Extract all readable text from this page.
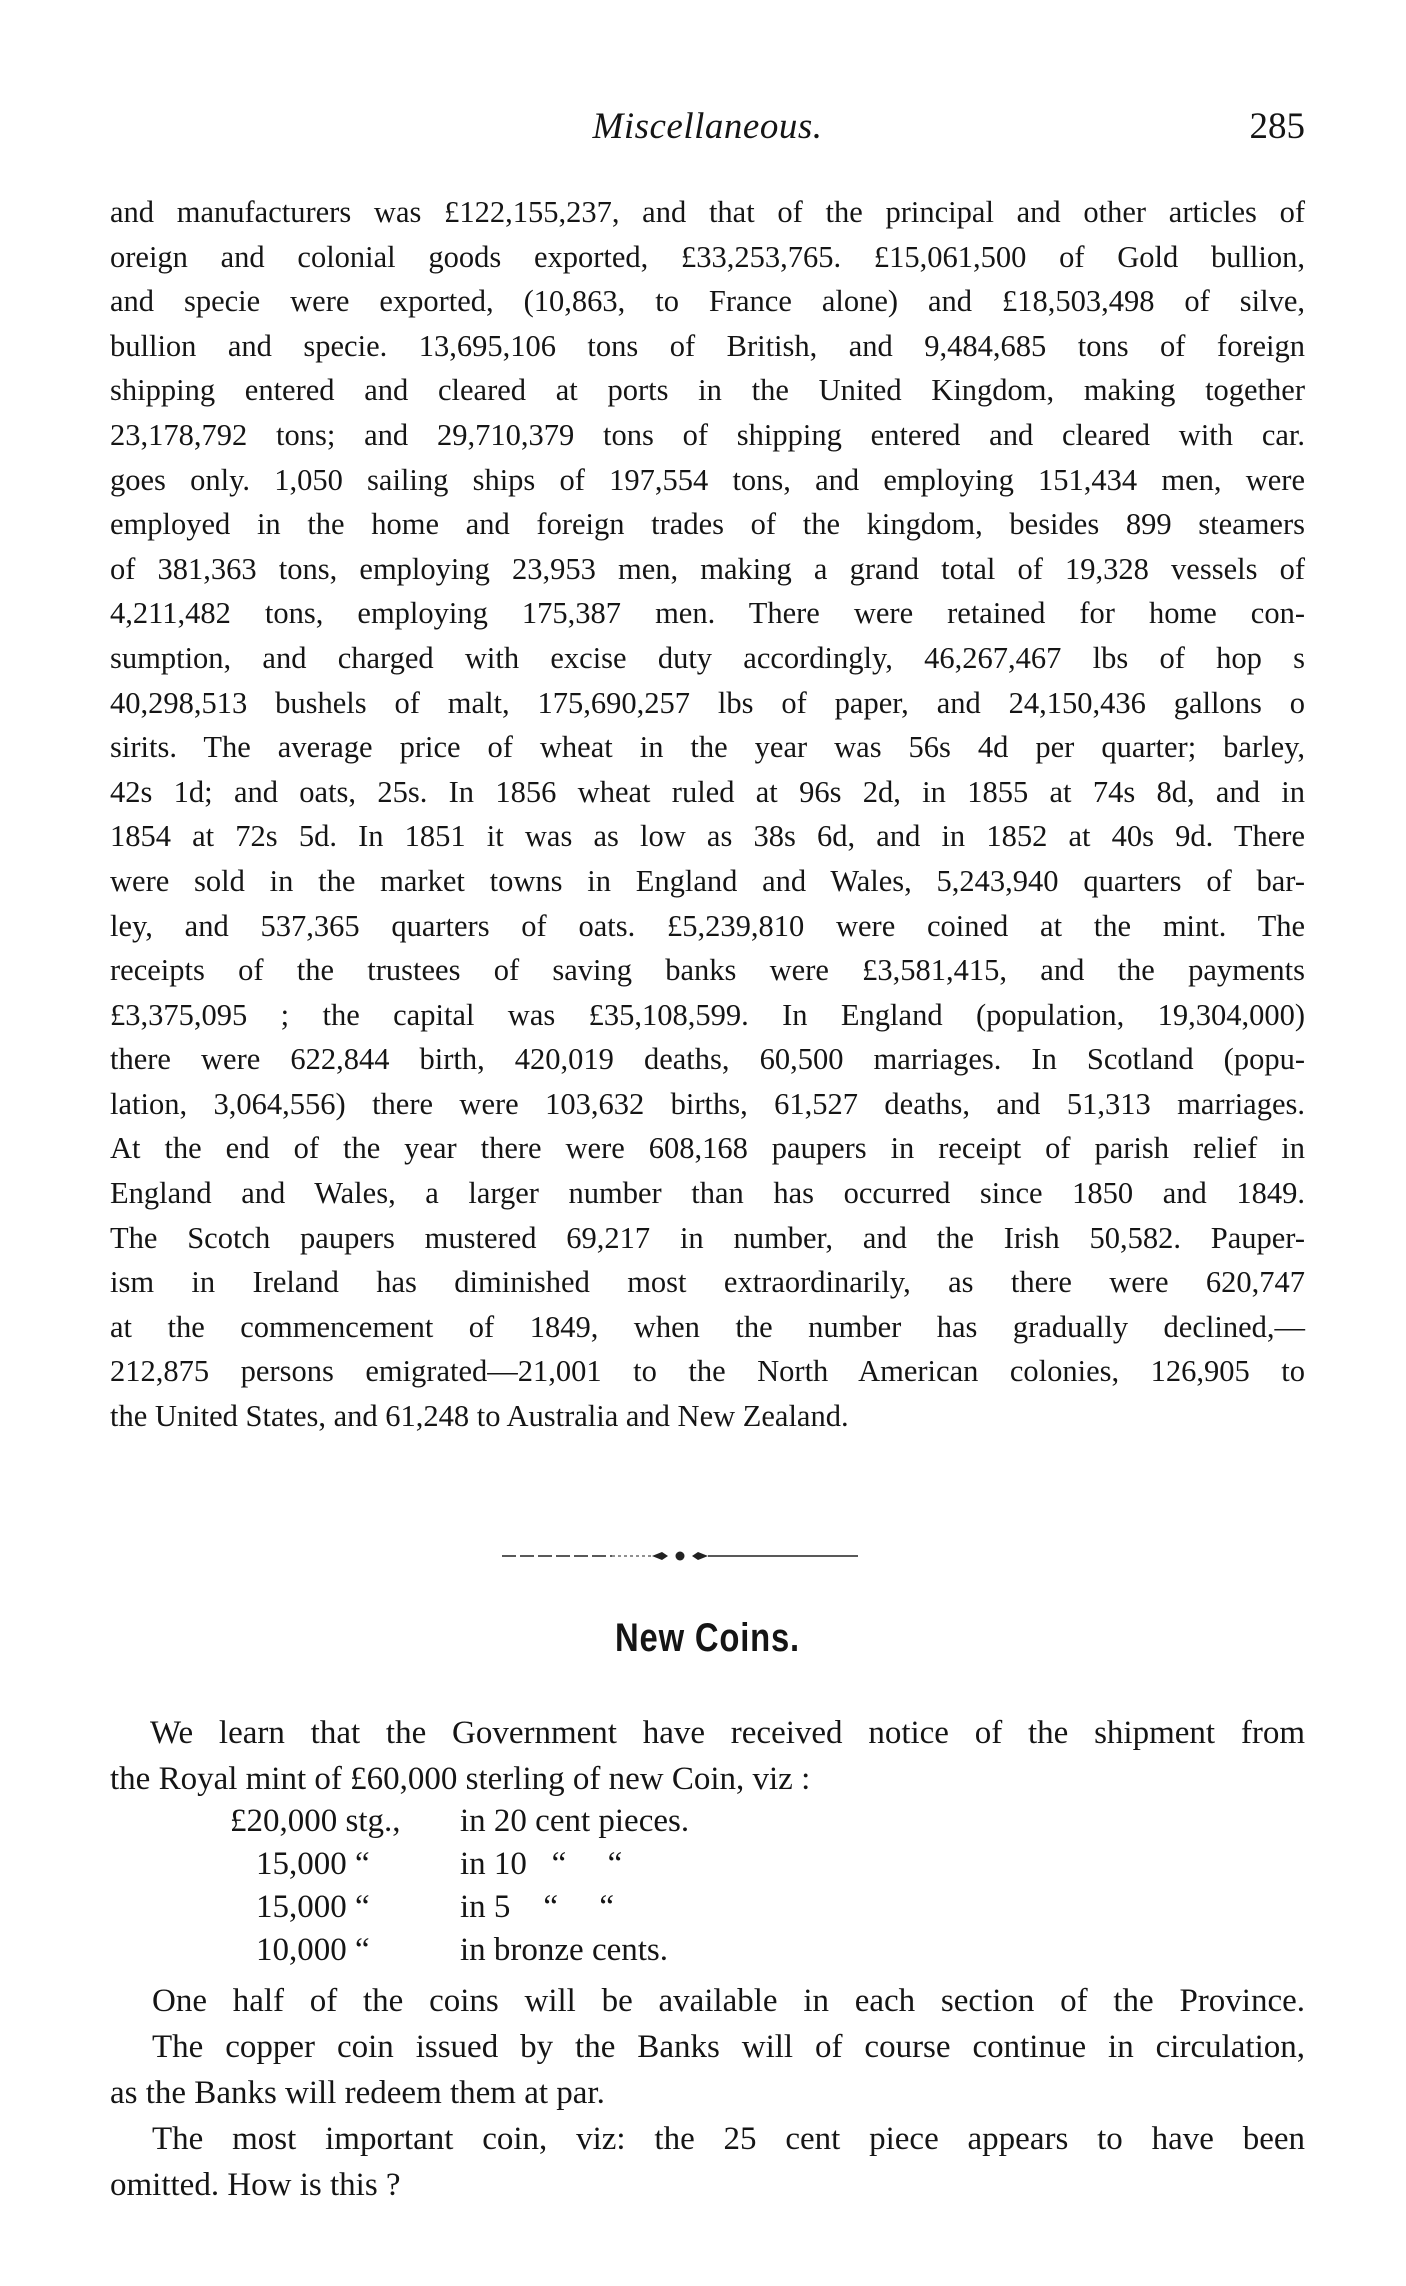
Miscellaneous.	285
and manufacturers was £122,155,237, and that of the principal and other articles of
oreign and colonial goods exported, £33,253,765. £15,061,500 of Gold bullion,
and specie were exported, (10,863, to France alone) and £18,503,498 of silve,
bullion and specie. 13,695,106 tons of British, and 9,484,685 tons of foreign
shipping entered and cleared at ports in the United Kingdom, making together
23,178,792 tons; and 29,710,379 tons of shipping entered and cleared with car.
goes only. 1,050 sailing ships of 197,554 tons, and employing 151,434 men, were
employed in the home and foreign trades of the kingdom, besides 899 steamers
of 381,363 tons, employing 23,953 men, making a grand total of 19,328 vessels of
4,211,482 tons, employing 175,387 men. There were retained for home con-
sumption, and charged with excise duty accordingly, 46,267,467 lbs of hop s
40,298,513 bushels of malt, 175,690,257 lbs of paper, and 24,150,436 gallons o
sirits. The average price of wheat in the year was 56s 4d per quarter; barley,
42s 1d; and oats, 25s. In 1856 wheat ruled at 96s 2d, in 1855 at 74s 8d, and in
1854 at 72s 5d. In 1851 it was as low as 38s 6d, and in 1852 at 40s 9d. There
were sold in the market towns in England and Wales, 5,243,940 quarters of bar-
ley, and 537,365 quarters of oats. £5,239,810 were coined at the mint. The
receipts of the trustees of saving banks were £3,581,415, and the payments
£3,375,095 ; the capital was £35,108,599. In England (population, 19,304,000)
there were 622,844 birth, 420,019 deaths, 60,500 marriages. In Scotland (popu-
lation, 3,064,556) there were 103,632 births, 61,527 deaths, and 51,313 marriages.
At the end of the year there were 608,168 paupers in receipt of parish relief in
England and Wales, a larger number than has occurred since 1850 and 1849.
The Scotch paupers mustered 69,217 in number, and the Irish 50,582. Pauper-
ism in Ireland has diminished most extraordinarily, as there were 620,747
at the commencement of 1849, when the number has gradually declined,—
212,875 persons emigrated—21,001 to the North American colonies, 126,905 to
the United States, and 61,248 to Australia and New Zealand.
New Coins.
We learn that the Government have received notice of the shipment from
the Royal mint of £60,000 sterling of new Coin, viz :
£20,000 stg., in 20 cent pieces.
15,000 “	in 10   “     “
15,000 “	in 5    “     “
10,000 “	in bronze cents.
One half of the coins will be available in each section of the Province.
The copper coin issued by the Banks will of course continue in circulation,
as the Banks will redeem them at par.
The most important coin, viz: the 25 cent piece appears to have been
omitted. How is this ?
